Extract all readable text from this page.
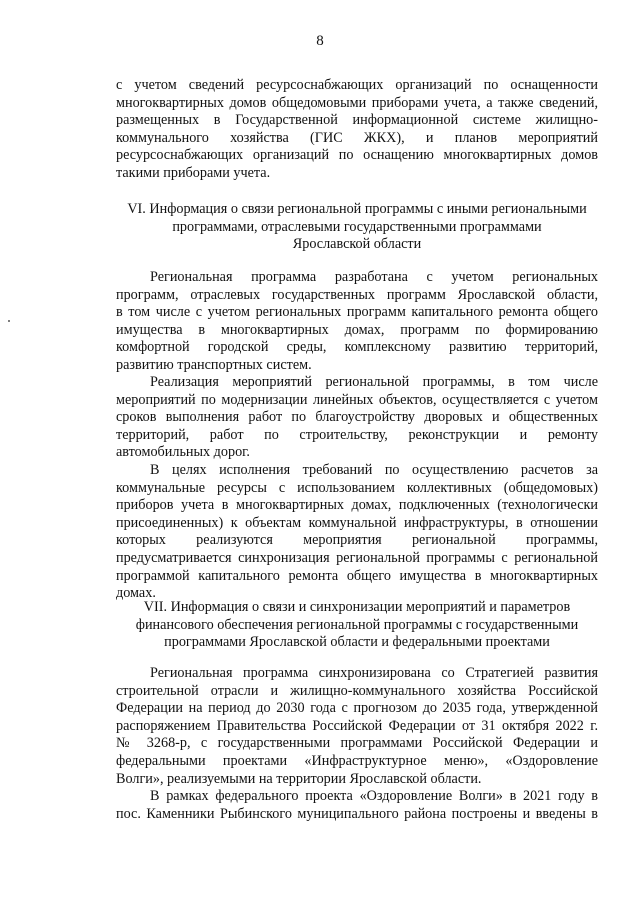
8
с учетом сведений ресурсоснабжающих организаций по оснащенности
многоквартирных домов общедомовыми приборами учета, а также сведений,
размещенных в Государственной информационной системе жилищно-
коммунального хозяйства (ГИС ЖКХ), и планов мероприятий
ресурсоснабжающих организаций по оснащению многоквартирных домов
такими приборами учета.
VI. Информация о связи региональной программы с иными региональными
программами, отраслевыми государственными программами
Ярославской области
Региональная программа разработана с учетом региональных
программ, отраслевых государственных программ Ярославской области,
в том числе с учетом региональных программ капитального ремонта общего
имущества в многоквартирных домах, программ по формированию
комфортной городской среды, комплексному развитию территорий,
развитию транспортных систем.
Реализация мероприятий региональной программы, в том числе
мероприятий по модернизации линейных объектов, осуществляется с учетом
сроков выполнения работ по благоустройству дворовых и общественных
территорий, работ по строительству, реконструкции и ремонту
автомобильных дорог.
В целях исполнения требований по осуществлению расчетов за
коммунальные ресурсы с использованием коллективных (общедомовых)
приборов учета в многоквартирных домах, подключенных (технологически
присоединенных) к объектам коммунальной инфраструктуры, в отношении
которых реализуются мероприятия региональной программы,
предусматривается синхронизация региональной программы с региональной
программой капитального ремонта общего имущества в многоквартирных
домах.
VII. Информация о связи и синхронизации мероприятий и параметров
финансового обеспечения региональной программы с государственными
программами Ярославской области и федеральными проектами
Региональная программа синхронизирована со Стратегией развития
строительной отрасли и жилищно-коммунального хозяйства Российской
Федерации на период до 2030 года с прогнозом до 2035 года, утвержденной
распоряжением Правительства Российской Федерации от 31 октября 2022 г.
№ 3268-р, с государственными программами Российской Федерации и
федеральными проектами «Инфраструктурное меню», «Оздоровление
Волги», реализуемыми на территории Ярославской области.
В рамках федерального проекта «Оздоровление Волги» в 2021 году в
пос. Каменники Рыбинского муниципального района построены и введены в
